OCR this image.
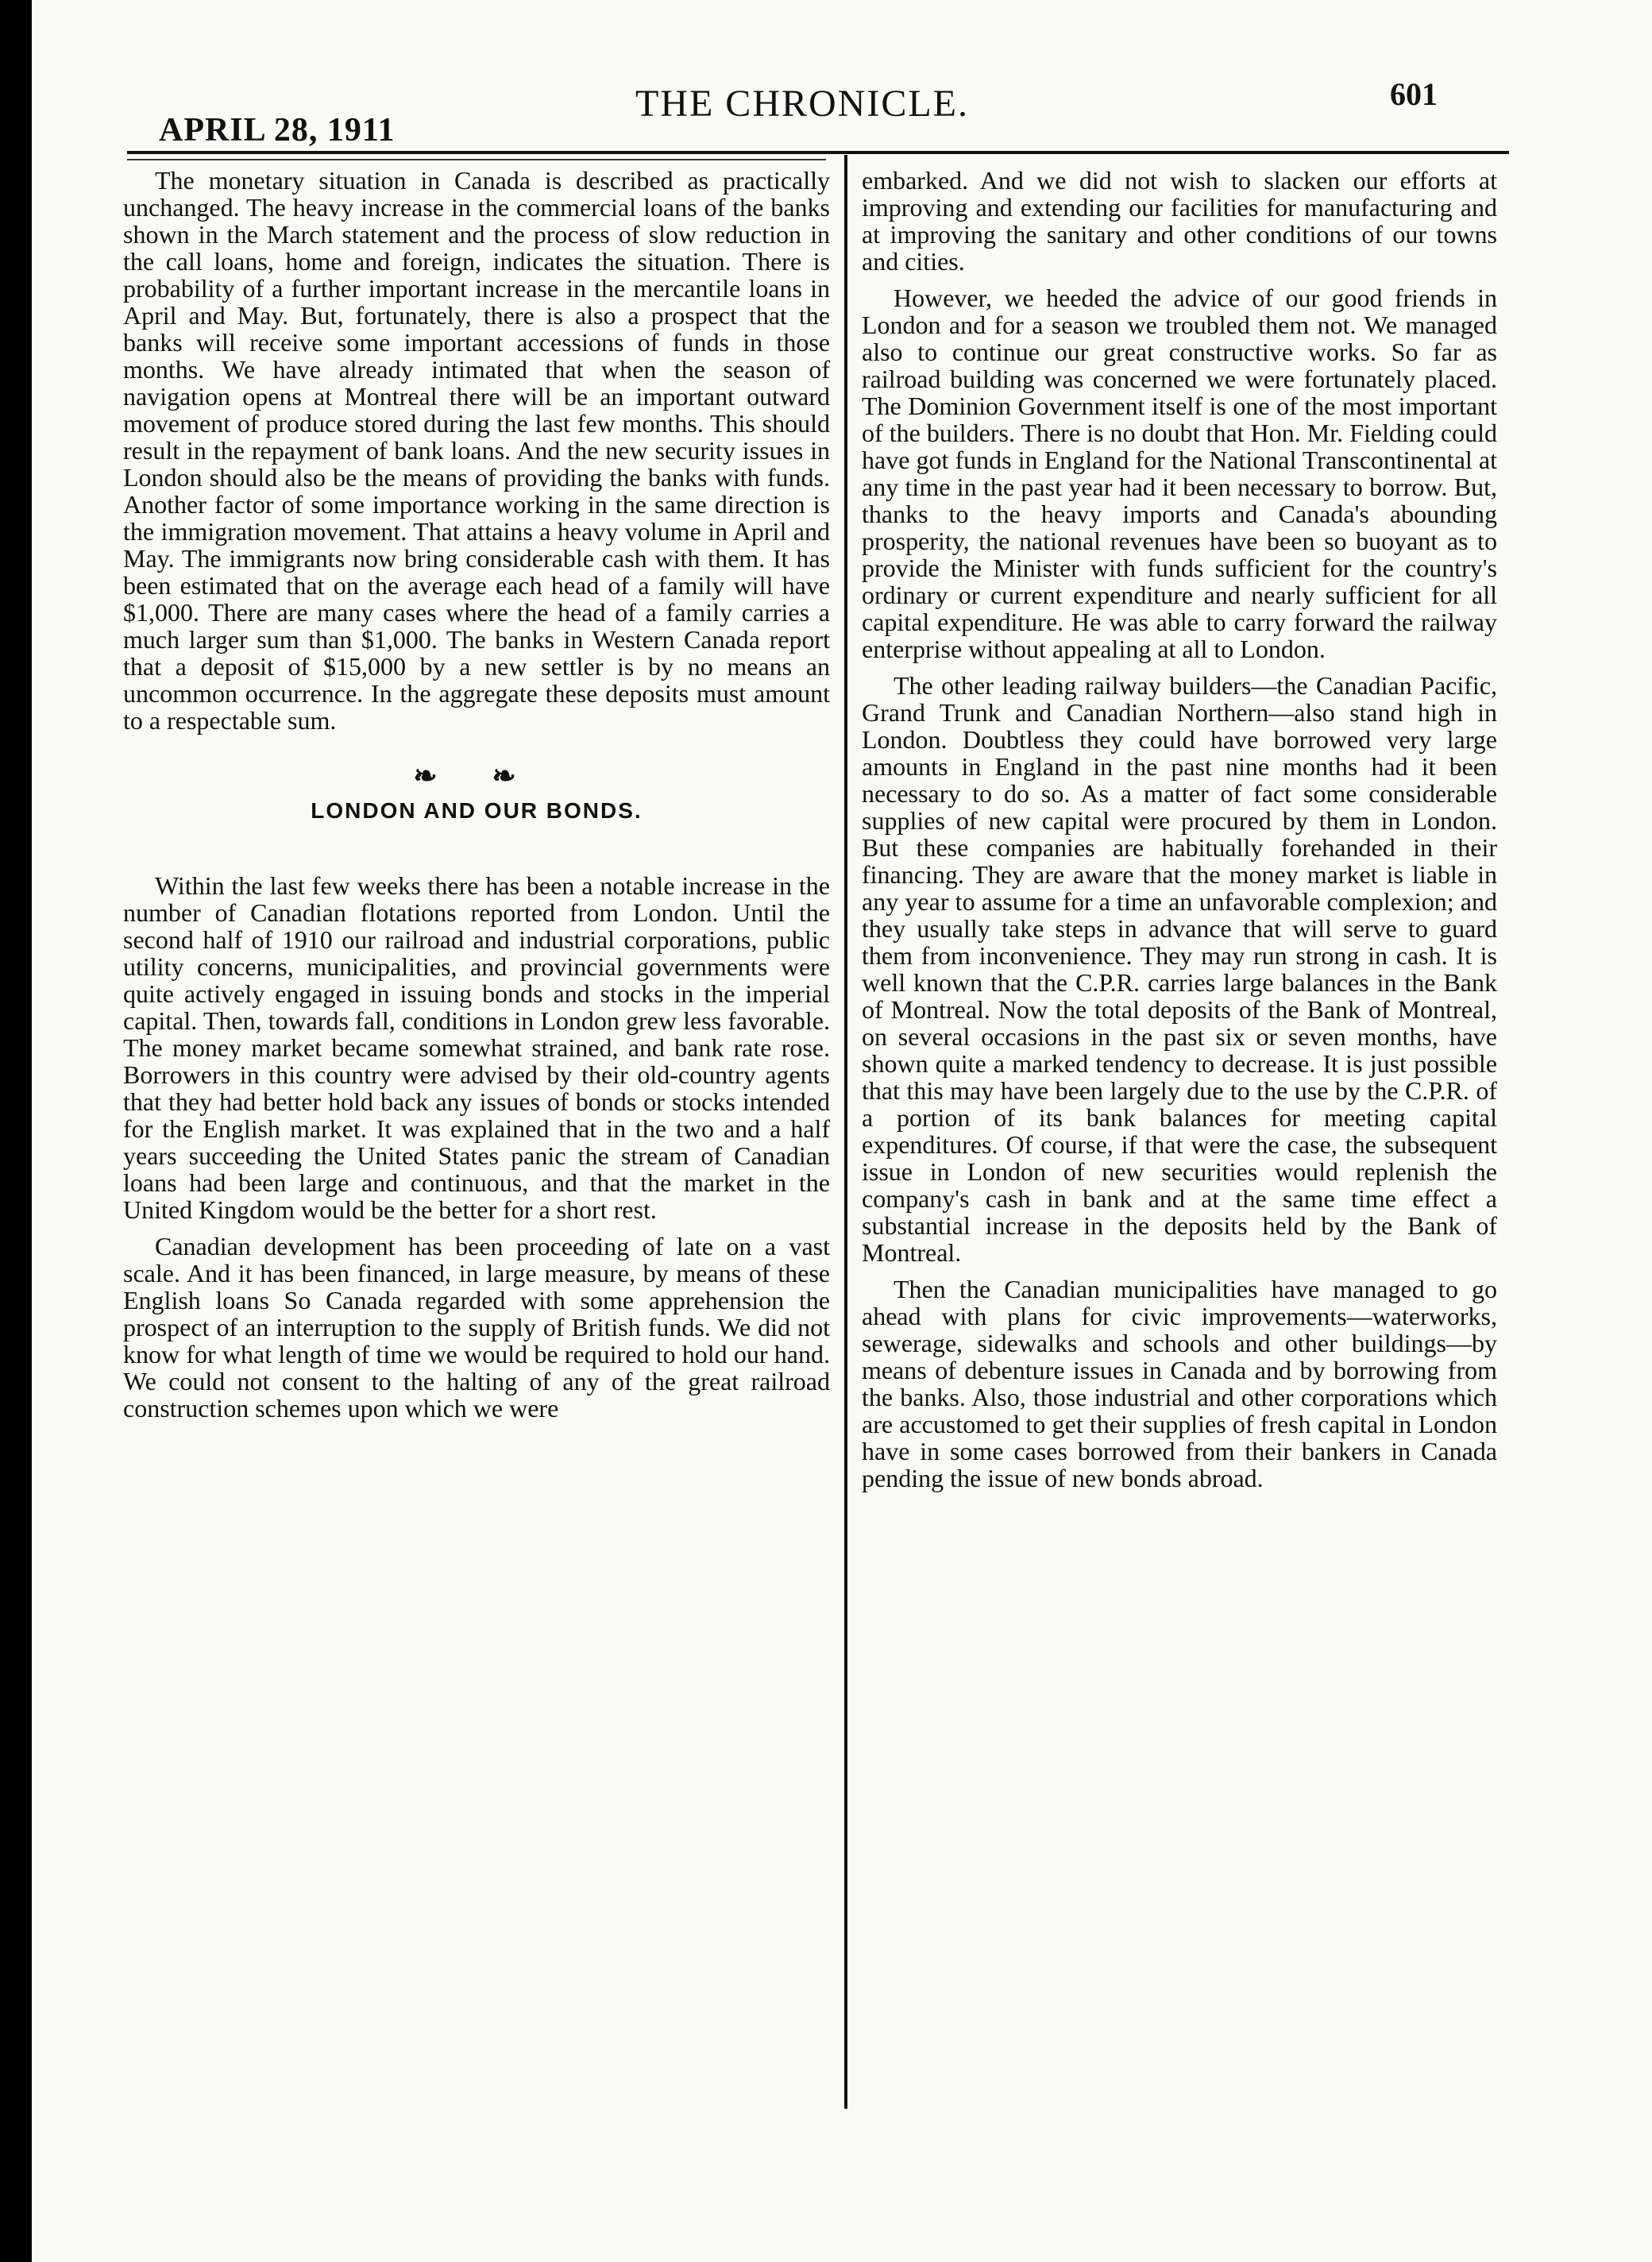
APRIL 28, 1911
THE CHRONICLE.	601

The monetary situation in Canada is described as practically unchanged. The heavy increase in the commercial loans of the banks shown in the March statement and the process of slow reduction in the call loans, home and foreign, indicates the situation. There is probability of a further important increase in the mercantile loans in April and May. But, fortunately, there is also a prospect that the banks will receive some important accessions of funds in those months. We have already intimated that when the season of navigation opens at Montreal there will be an important outward movement of produce stored during the last few months. This should result in the repayment of bank loans. And the new security issues in London should also be the means of providing the banks with funds. Another factor of some importance working in the same direction is the immigration movement. That attains a heavy volume in April and May. The immigrants now bring considerable cash with them. It has been estimated that on the average each head of a family will have $1,000. There are many cases where the head of a family carries a much larger sum than $1,000. The banks in Western Canada report that a deposit of $15,000 by a new settler is by no means an uncommon occurrence. In the aggregate these deposits must amount to a respectable sum.

❧ ❧
LONDON AND OUR BONDS.

Within the last few weeks there has been a notable increase in the number of Canadian flotations reported from London. Until the second half of 1910 our railroad and industrial corporations, public utility concerns, municipalities, and provincial governments were quite actively engaged in issuing bonds and stocks in the imperial capital. Then, towards fall, conditions in London grew less favorable. The money market became somewhat strained, and bank rate rose. Borrowers in this country were advised by their old-country agents that they had better hold back any issues of bonds or stocks intended for the English market. It was explained that in the two and a half years succeeding the United States panic the stream of Canadian loans had been large and continuous, and that the market in the United Kingdom would be the better for a short rest.

Canadian development has been proceeding of late on a vast scale. And it has been financed, in large measure, by means of these English loans So Canada regarded with some apprehension the prospect of an interruption to the supply of British funds. We did not know for what length of time we would be required to hold our hand. We could not consent to the halting of any of the great railroad construction schemes upon which we were

embarked. And we did not wish to slacken our efforts at improving and extending our facilities for manufacturing and at improving the sanitary and other conditions of our towns and cities.

However, we heeded the advice of our good friends in London and for a season we troubled them not. We managed also to continue our great constructive works. So far as railroad building was concerned we were fortunately placed. The Dominion Government itself is one of the most important of the builders. There is no doubt that Hon. Mr. Fielding could have got funds in England for the National Transcontinental at any time in the past year had it been necessary to borrow. But, thanks to the heavy imports and Canada's abounding prosperity, the national revenues have been so buoyant as to provide the Minister with funds sufficient for the country's ordinary or current expenditure and nearly sufficient for all capital expenditure. He was able to carry forward the railway enterprise without appealing at all to London.

The other leading railway builders—the Canadian Pacific, Grand Trunk and Canadian Northern—also stand high in London. Doubtless they could have borrowed very large amounts in England in the past nine months had it been necessary to do so. As a matter of fact some considerable supplies of new capital were procured by them in London. But these companies are habitually forehanded in their financing. They are aware that the money market is liable in any year to assume for a time an unfavorable complexion; and they usually take steps in advance that will serve to guard them from inconvenience. They may run strong in cash. It is well known that the C.P.R. carries large balances in the Bank of Montreal. Now the total deposits of the Bank of Montreal, on several occasions in the past six or seven months, have shown quite a marked tendency to decrease. It is just possible that this may have been largely due to the use by the C.P.R. of a portion of its bank balances for meeting capital expenditures. Of course, if that were the case, the subsequent issue in London of new securities would replenish the company's cash in bank and at the same time effect a substantial increase in the deposits held by the Bank of Montreal.

Then the Canadian municipalities have managed to go ahead with plans for civic improvements—waterworks, sewerage, sidewalks and schools and other buildings—by means of debenture issues in Canada and by borrowing from the banks. Also, those industrial and other corporations which are accustomed to get their supplies of fresh capital in London have in some cases borrowed from their bankers in Canada pending the issue of new bonds abroad.
